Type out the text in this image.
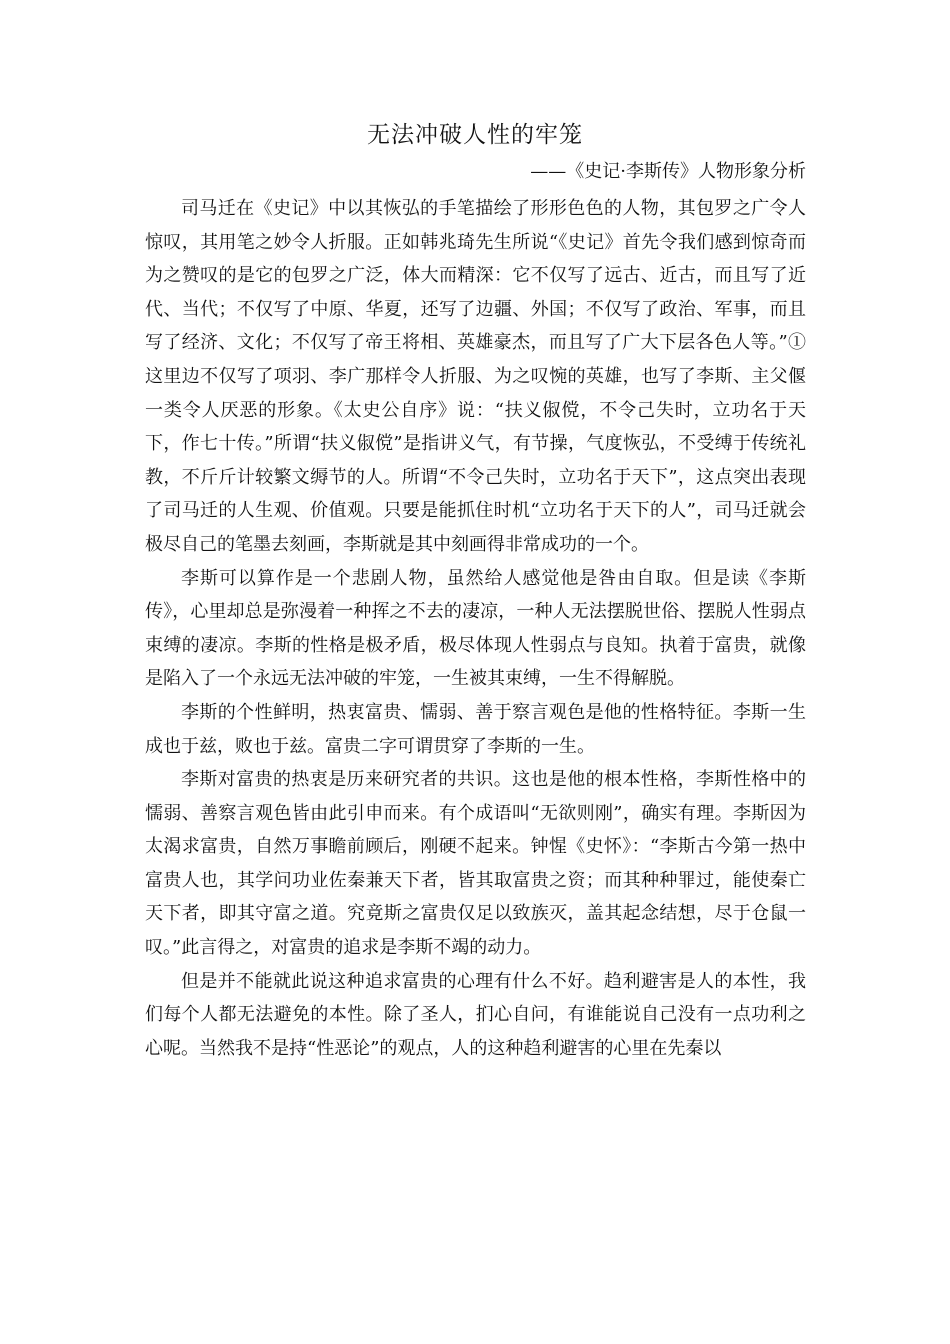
无法冲破人性的牢笼
——《史记·李斯传》人物形象分析

司马迁在《史记》中以其恢弘的手笔描绘了形形色色的人物，其包罗之广令人惊叹，其用笔之妙令人折服。正如韩兆琦先生所说“《史记》首先令我们感到惊奇而为之赞叹的是它的包罗之广泛，体大而精深：它不仅写了远古、近古，而且写了近代、当代；不仅写了中原、华夏，还写了边疆、外国；不仅写了政治、军事，而且写了经济、文化；不仅写了帝王将相、英雄豪杰，而且写了广大下层各色人等。”①这里边不仅写了项羽、李广那样令人折服、为之叹惋的英雄，也写了李斯、主父偃一类令人厌恶的形象。《太史公自序》说：“扶义俶傥，不令己失时，立功名于天下，作七十传。”所谓“扶义俶傥”是指讲义气，有节操，气度恢弘，不受缚于传统礼教，不斤斤计较繁文缛节的人。所谓“不令己失时，立功名于天下”，这点突出表现了司马迁的人生观、价值观。只要是能抓住时机“立功名于天下的人”，司马迁就会极尽自己的笔墨去刻画，李斯就是其中刻画得非常成功的一个。

李斯可以算作是一个悲剧人物，虽然给人感觉他是咎由自取。但是读《李斯传》，心里却总是弥漫着一种挥之不去的凄凉，一种人无法摆脱世俗、摆脱人性弱点束缚的凄凉。李斯的性格是极矛盾，极尽体现人性弱点与良知。执着于富贵，就像是陷入了一个永远无法冲破的牢笼，一生被其束缚，一生不得解脱。

李斯的个性鲜明，热衷富贵、懦弱、善于察言观色是他的性格特征。李斯一生成也于兹，败也于兹。富贵二字可谓贯穿了李斯的一生。

李斯对富贵的热衷是历来研究者的共识。这也是他的根本性格，李斯性格中的懦弱、善察言观色皆由此引申而来。有个成语叫“无欲则刚”，确实有理。李斯因为太渴求富贵，自然万事瞻前顾后，刚硬不起来。钟惺《史怀》：“李斯古今第一热中富贵人也，其学问功业佐秦兼天下者，皆其取富贵之资；而其种种罪过，能使秦亡天下者，即其守富之道。究竟斯之富贵仅足以致族灭，盖其起念结想，尽于仓鼠一叹。”此言得之，对富贵的追求是李斯不竭的动力。

但是并不能就此说这种追求富贵的心理有什么不好。趋利避害是人的本性，我们每个人都无法避免的本性。除了圣人，扪心自问，有谁能说自己没有一点功利之心呢。当然我不是持“性恶论”的观点，人的这种趋利避害的心里在先秦以
